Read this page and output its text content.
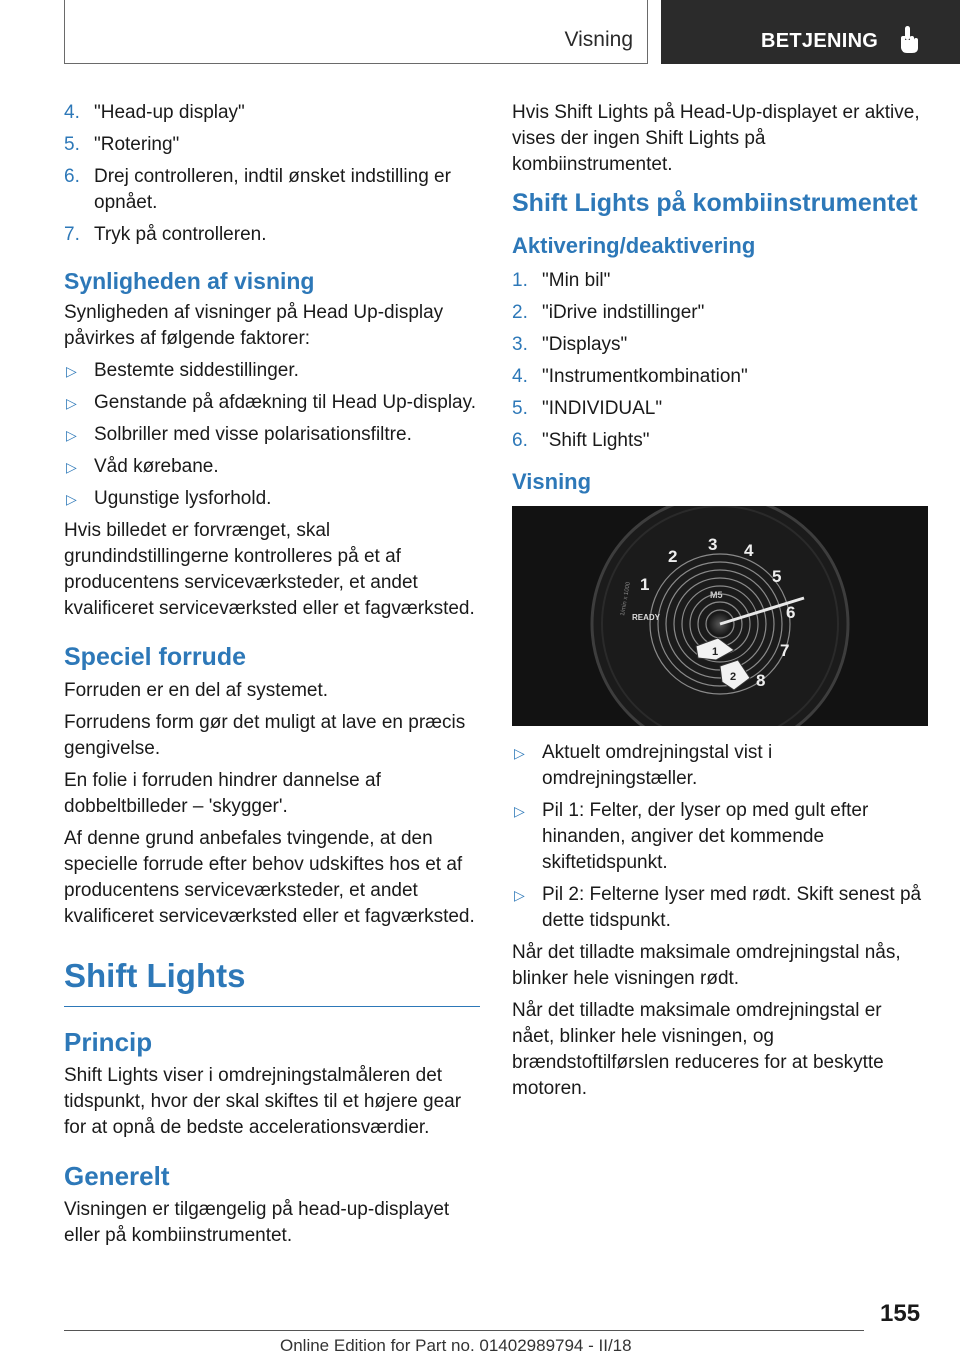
Visning	BETJENING
4. "Head-up display"
5. "Rotering"
6. Drej controlleren, indtil ønsket indstilling er opnået.
7. Tryk på controlleren.
Synligheden af visning

Synligheden af visninger på Head Up-display påvirkes af følgende faktorer:

▷ Bestemte siddestillinger.
▷ Genstande på afdækning til Head Up-display.
▷ Solbriller med visse polarisationsfiltre.
▷ Våd kørebane.
▷ Ugunstige lysforhold.

Hvis billedet er forvrænget, skal grundindstillingerne kontrolleres på et af producentens serviceværksteder, et andet kvalificeret serviceværksted eller et fagværksted.

Speciel forrude

Forruden er en del af systemet.

Forrudens form gør det muligt at lave en præcis gengivelse.

En folie i forruden hindrer dannelse af dobbeltbilleder – 'skygger'.

Af denne grund anbefales tvingende, at den specielle forrude efter behov udskiftes hos et af producentens serviceværksteder, et andet kvalificeret serviceværksted eller et fagværksted.

Shift Lights
Princip

Shift Lights viser i omdrejningstalmåleren det tidspunkt, hvor der skal skiftes til et højere gear for at opnå de bedste accelerationsværdier.

Generelt

Visningen er tilgængelig på head-up-displayet eller på kombiinstrumentet.

Hvis Shift Lights på Head-Up-displayet er aktive, vises der ingen Shift Lights på kombiinstrumentet.

Shift Lights på kombiinstrumentet
Aktivering/deaktivering
1. "Min bil"
2. "iDrive indstillinger"
3. "Displays"
4. "Instrumentkombination"
5. "INDIVIDUAL"
6. "Shift Lights"
Visning
1
2
3 4
5
6
7
8
READY
M5
1/min x 1000
1
2
▷ Aktuelt omdrejningstal vist i omdrejningstæller.
▷ Pil 1: Felter, der lyser op med gult efter hinanden, angiver det kommende skiftetidspunkt.
▷ Pil 2: Felterne lyser med rødt. Skift senest på dette tidspunkt.

Når det tilladte maksimale omdrejningstal nås, blinker hele visningen rødt.

Når det tilladte maksimale omdrejningstal er nået, blinker hele visningen, og brændstoftilførslen reduceres for at beskytte motoren.

155
Online Edition for Part no. 01402989794 - II/18
